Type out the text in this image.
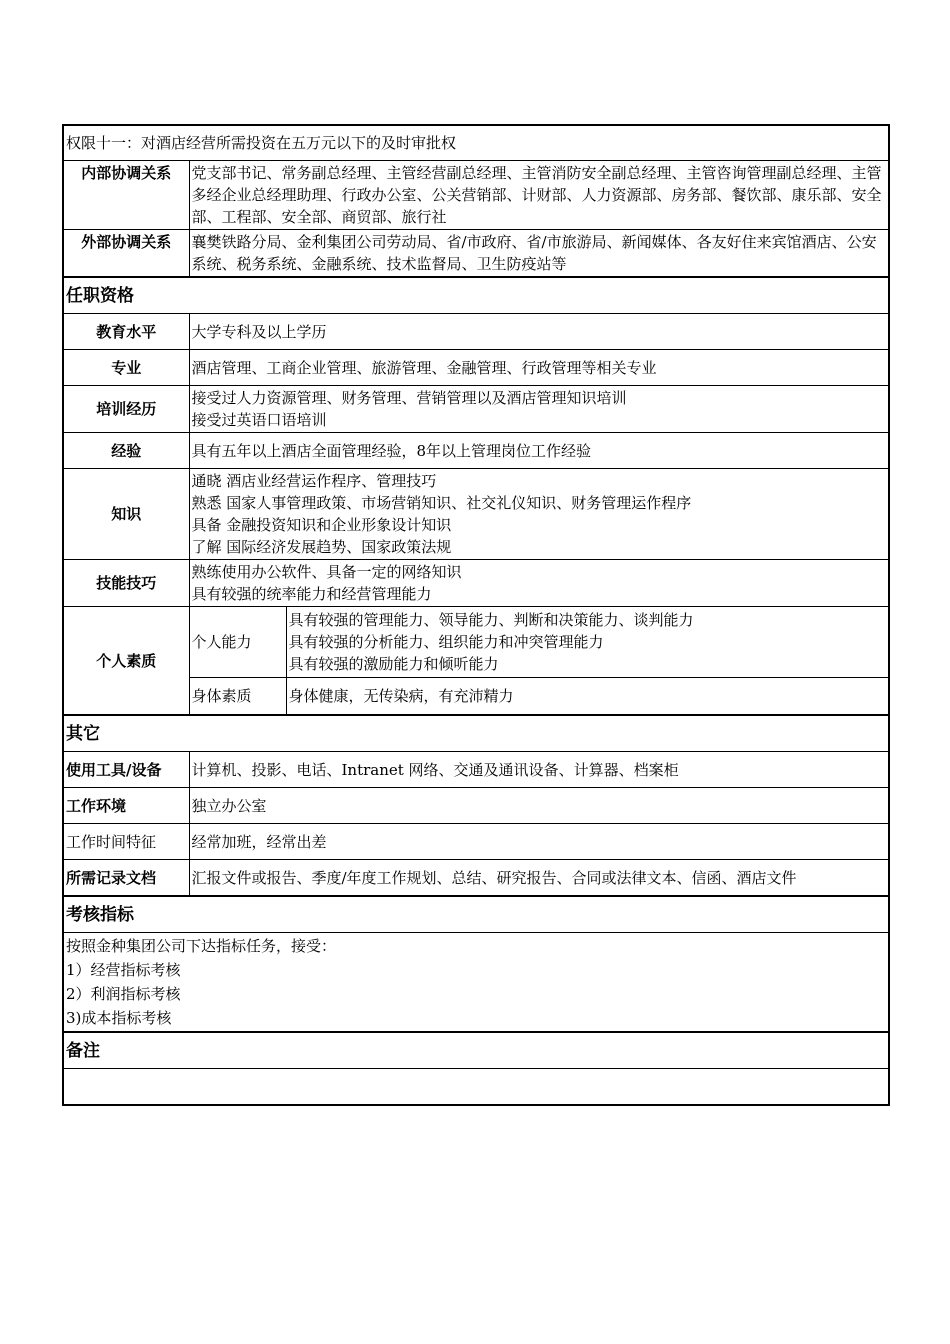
权限十一：对酒店经营所需投资在五万元以下的及时审批权		
内部协调关系	党支部书记、常务副总经理、主管经营副总经理、主管消防安全副总经理、主管咨询管理副总经理、主管多经企业总经理助理、行政办公室、公关营销部、计财部、人力资源部、房务部、餐饮部、康乐部、安全部、工程部、安全部、商贸部、旅行社	
外部协调关系	襄樊铁路分局、金利集团公司劳动局、省/市政府、省/市旅游局、新闻媒体、各友好住来宾馆酒店、公安系统、税务系统、金融系统、技术监督局、卫生防疫站等	
任职资格		
教育水平	大学专科及以上学历	
专业	酒店管理、工商企业管理、旅游管理、金融管理、行政管理等相关专业	
培训经历	接受过人力资源管理、财务管理、营销管理以及酒店管理知识培训
接受过英语口语培训	

经验	具有五年以上酒店全面管理经验，8年以上管理岗位工作经验	
知识	通晓 酒店业经营运作程序、管理技巧
熟悉 国家人事管理政策、市场营销知识、社交礼仪知识、财务管理运作程序
具备 金融投资知识和企业形象设计知识
了解 国际经济发展趋势、国家政策法规	

技能技巧	熟练使用办公软件、具备一定的网络知识
具有较强的统率能力和经营管理能力	

个人素质	个人能力	具有较强的管理能力、领导能力、判断和决策能力、谈判能力
具有较强的分析能力、组织能力和冲突管理能力
具有较强的激励能力和倾听能力

	身体素质	身体健康，无传染病，有充沛精力
其它		
使用工具/设备	计算机、投影、电话、Intranet 网络、交通及通讯设备、计算器、档案柜	
工作环境	独立办公室	
工作时间特征	经常加班，经常出差	
所需记录文档	汇报文件或报告、季度/年度工作规划、总结、研究报告、合同或法律文本、信函、酒店文件	
考核指标		

按照金种集团公司下达指标任务，接受：
1）经营指标考核
2）利润指标考核
3)成本指标考核		

备注		
